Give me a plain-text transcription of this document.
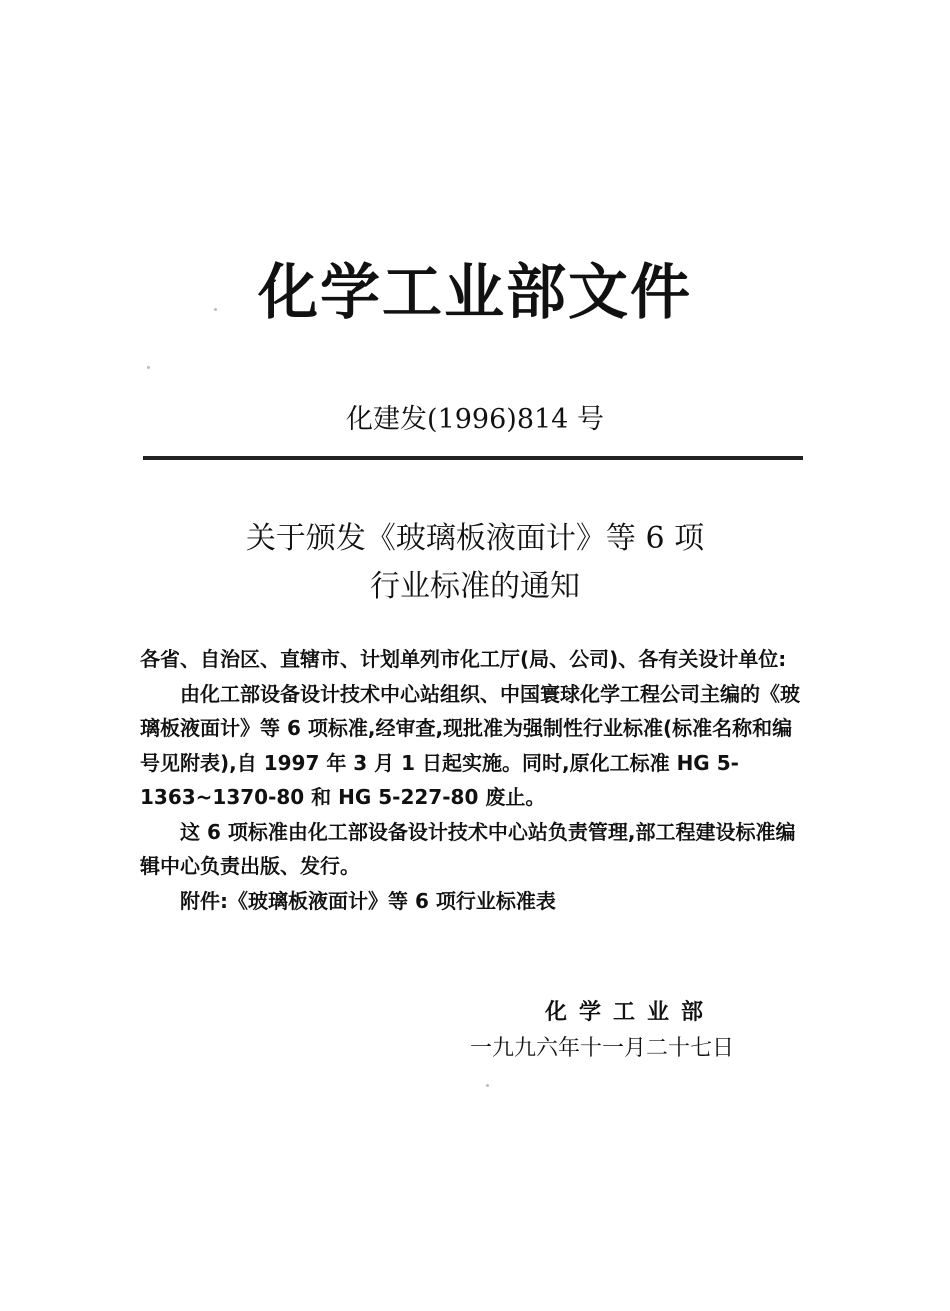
化学工业部文件
化建发(1996)814 号
关于颁发《玻璃板液面计》等 6 项
行业标准的通知

各省、自治区、直辖市、计划单列市化工厅(局、公司)、各有关设计单位:

由化工部设备设计技术中心站组织、中国寰球化学工程公司主编的《玻璃板液面计》等 6 项标准,经审查,现批准为强制性行业标准(标准名称和编号见附表),自 1997 年 3 月 1 日起实施。同时,原化工标准 HG 5-1363~1370-80 和 HG 5-227-80 废止。

这 6 项标准由化工部设备设计技术中心站负责管理,部工程建设标准编辑中心负责出版、发行。

附件:《玻璃板液面计》等 6 项行业标准表

化学工业部
一九九六年十一月二十七日
